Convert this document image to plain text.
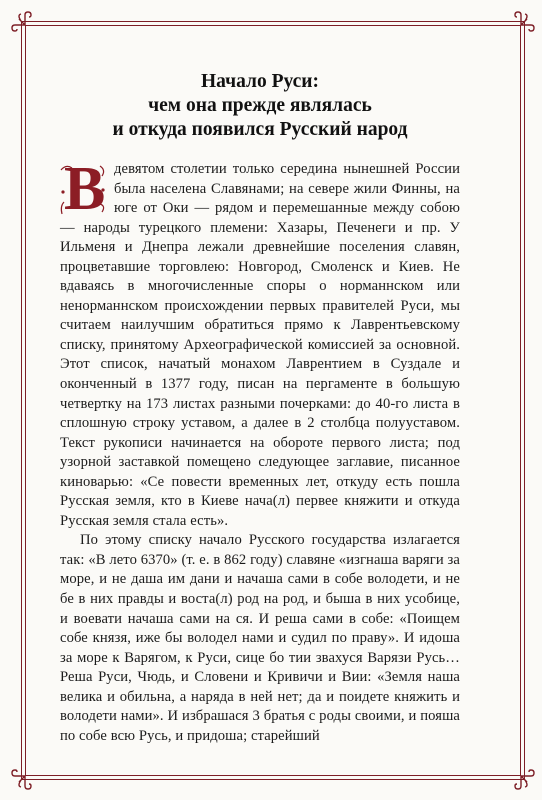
Начало Руси:
чем она прежде являлась
и откуда появился Русский народ

В девятом столетии только середина нынешней России была населена Славянами; на севере жили Финны, на юге от Оки — рядом и перемешанные между собою — народы турецкого племени: Хазары, Печенеги и пр. У Ильменя и Днепра лежали древнейшие поселения славян, процветавшие торговлею: Новгород, Смоленск и Киев. Не вдаваясь в многочисленные споры о норманнском или ненорманнском происхождении первых правителей Руси, мы считаем наилучшим обратиться прямо к Лаврентьевскому списку, принятому Археографической комиссией за основной. Этот список, начатый монахом Лаврентием в Суздале и оконченный в 1377 году, писан на пергаменте в большую четвертку на 173 листах разными почерками: до 40-го листа в сплошную строку уставом, а далее в 2 столбца полууставом. Текст рукописи начинается на обороте первого листа; под узорной заставкой помещено следующее заглавие, писанное киноварью: «Се повести временных лет, откуду есть пошла Русская земля, кто в Киеве нача(л) первее княжити и откуда Русская земля стала есть».

По этому списку начало Русского государства излагается так: «В лето 6370» (т. е. в 862 году) славяне «изгнаша варяги за море, и не даша им дани и начаша сами в собе володети, и не бе в них правды и воста(л) род на род, и быша в них усобице, и воевати начаша сами на ся. И реша сами в собе: «Поищем собе князя, иже бы володел нами и судил по праву». И идоша за море к Варягом, к Руси, сице бо тии звахуся Варязи Русь… Реша Руси, Чюдь, и Словени и Кривичи и Вии: «Земля наша велика и обильна, а наряда в ней нет; да и поидете княжить и володети нами». И избрашася 3 братья с роды своими, и пояша по собе всю Русь, и придоша; старейший
